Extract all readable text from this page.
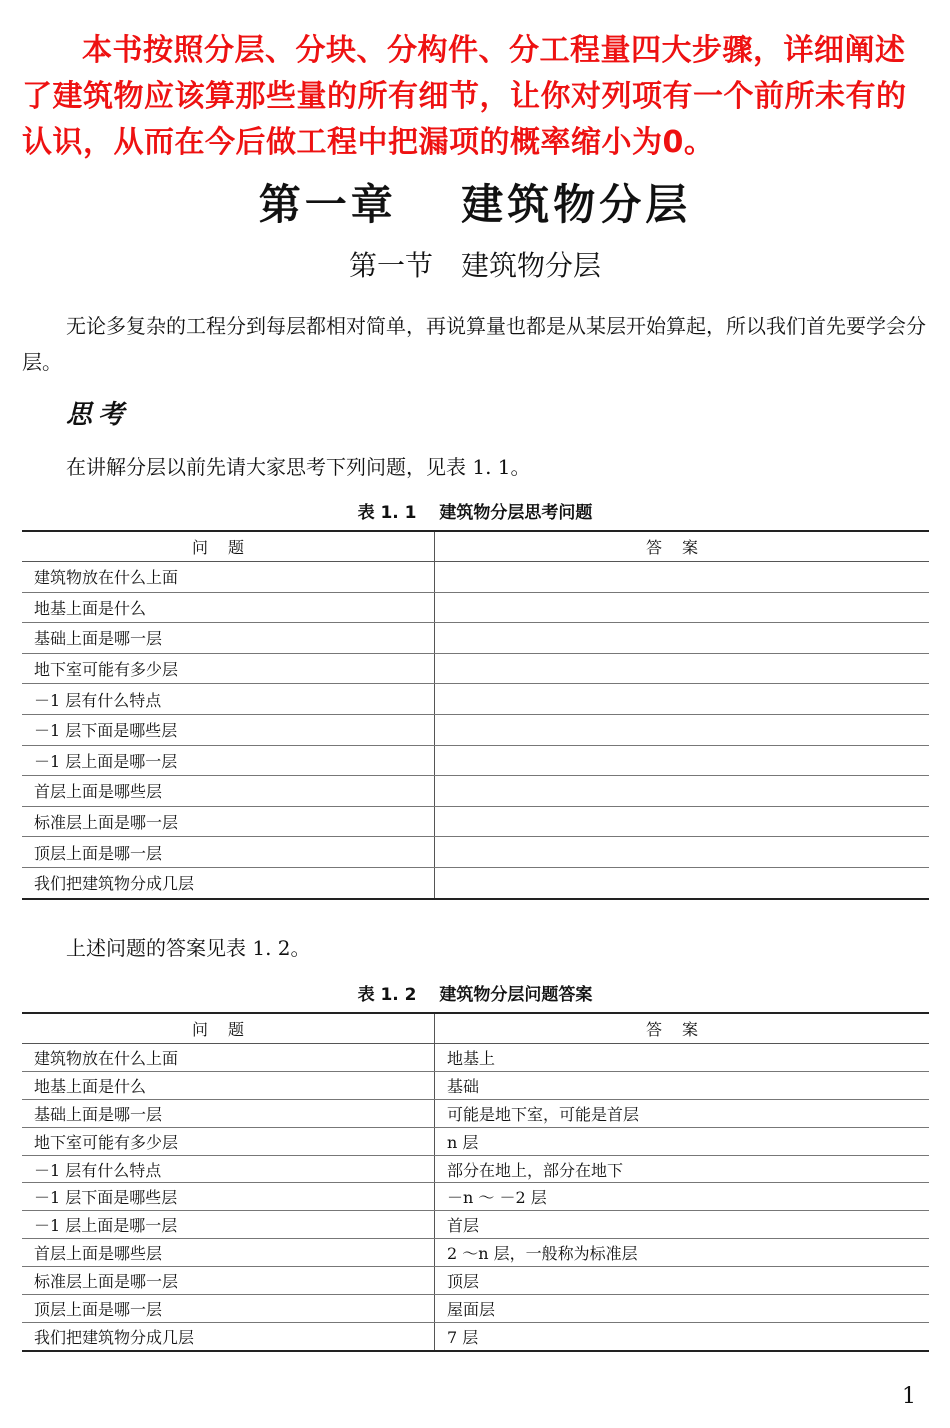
本书按照分层、分块、分构件、分工程量四大步骤，详细阐述了建筑物应该算那些量的所有细节，让你对列项有一个前所未有的认识，从而在今后做工程中把漏项的概率缩小为0。
第一章　 建筑物分层
第一节　建筑物分层
无论多复杂的工程分到每层都相对简单，再说算量也都是从某层开始算起，所以我们首先要学会分层。
思考
在讲解分层以前先请大家思考下列问题，见表 1. 1。
表 1. 1　 建筑物分层思考问题
问题	答案
建筑物放在什么上面	
地基上面是什么	
基础上面是哪一层	
地下室可能有多少层	
－1 层有什么特点	
－1 层下面是哪些层	
－1 层上面是哪一层	
首层上面是哪些层	
标准层上面是哪一层	
顶层上面是哪一层	
我们把建筑物分成几层	
上述问题的答案见表 1. 2。
表 1. 2　 建筑物分层问题答案
问题	答案
建筑物放在什么上面	地基上
地基上面是什么	基础
基础上面是哪一层	可能是地下室，可能是首层
地下室可能有多少层	n 层
－1 层有什么特点	部分在地上，部分在地下
－1 层下面是哪些层	－n ～ －2 层
－1 层上面是哪一层	首层
首层上面是哪些层	2 ～n 层，一般称为标准层
标准层上面是哪一层	顶层
顶层上面是哪一层	屋面层
我们把建筑物分成几层	7 层
1
